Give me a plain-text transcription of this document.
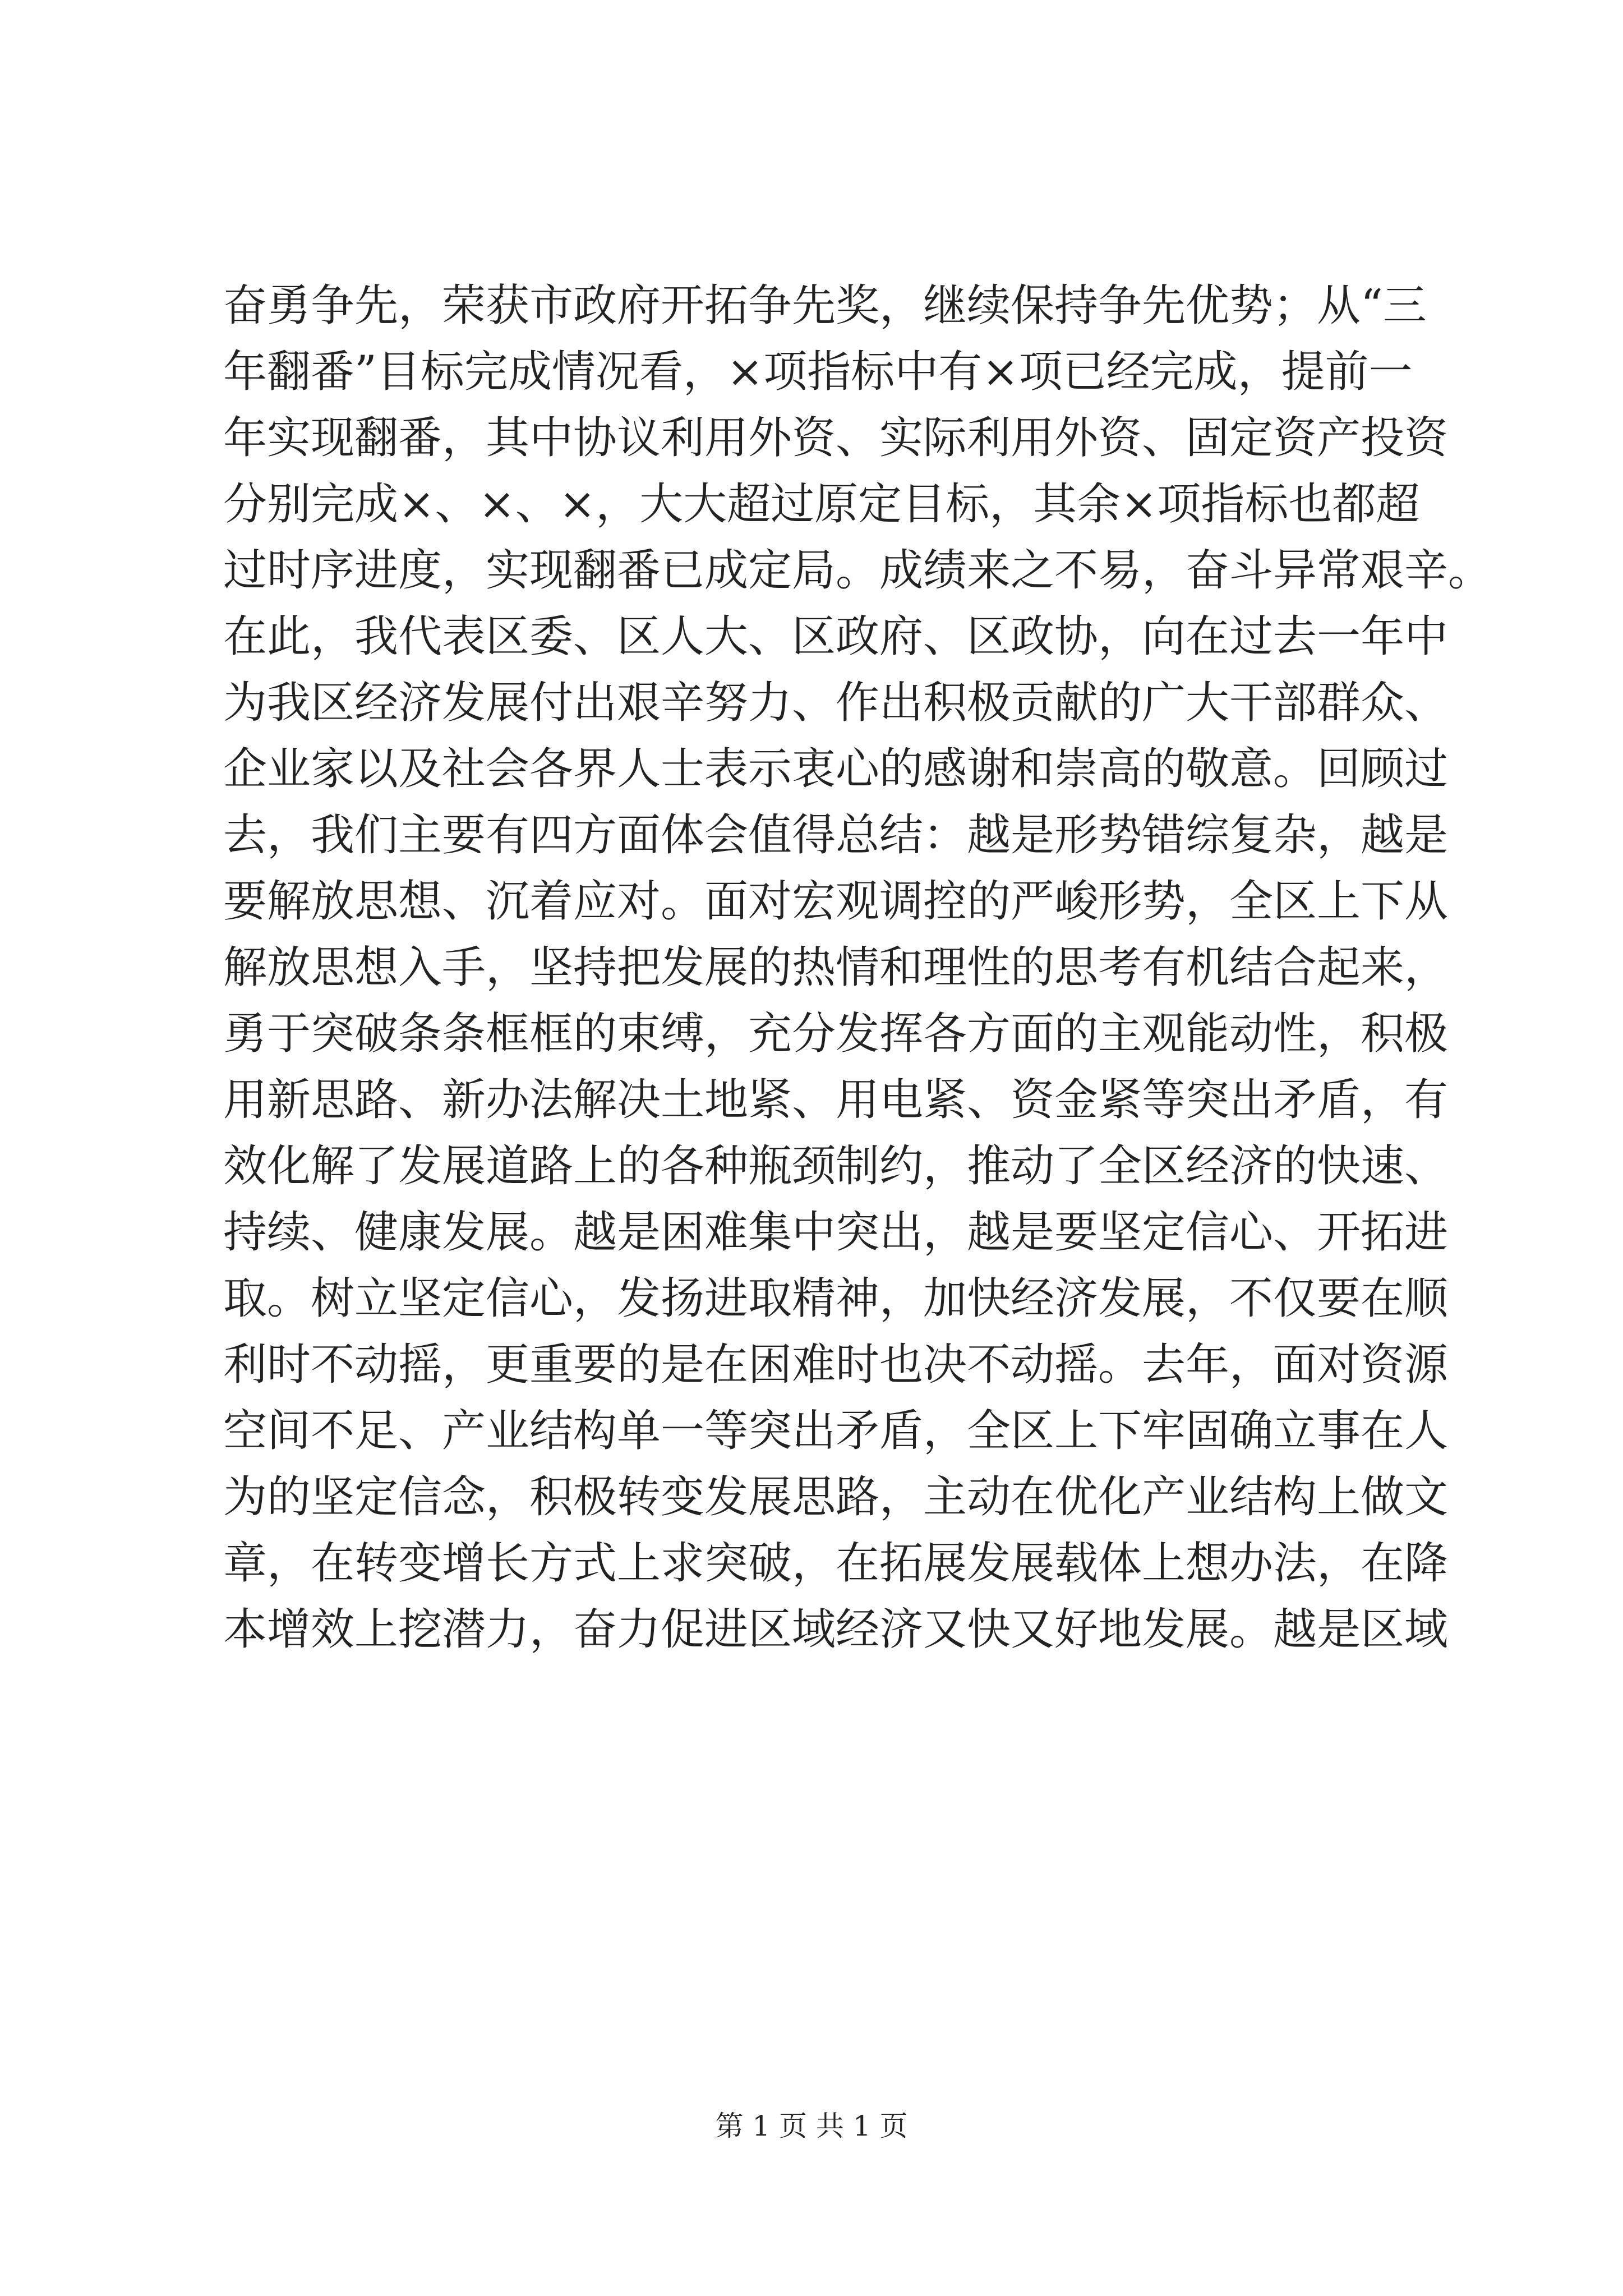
奋勇争先，荣获市政府开拓争先奖，继续保持争先优势；从“三
年翻番”目标完成情况看，×项指标中有×项已经完成，提前一
年实现翻番，其中协议利用外资、实际利用外资、固定资产投资
分别完成×、×、×，大大超过原定目标，其余×项指标也都超
过时序进度，实现翻番已成定局。成绩来之不易，奋斗异常艰辛。
在此，我代表区委、区人大、区政府、区政协，向在过去一年中
为我区经济发展付出艰辛努力、作出积极贡献的广大干部群众、
企业家以及社会各界人士表示衷心的感谢和崇高的敬意。回顾过
去，我们主要有四方面体会值得总结：越是形势错综复杂，越是
要解放思想、沉着应对。面对宏观调控的严峻形势，全区上下从
解放思想入手，坚持把发展的热情和理性的思考有机结合起来，
勇于突破条条框框的束缚，充分发挥各方面的主观能动性，积极
用新思路、新办法解决土地紧、用电紧、资金紧等突出矛盾，有
效化解了发展道路上的各种瓶颈制约，推动了全区经济的快速、
持续、健康发展。越是困难集中突出，越是要坚定信心、开拓进
取。树立坚定信心，发扬进取精神，加快经济发展，不仅要在顺
利时不动摇，更重要的是在困难时也决不动摇。去年，面对资源
空间不足、产业结构单一等突出矛盾，全区上下牢固确立事在人
为的坚定信念，积极转变发展思路，主动在优化产业结构上做文
章，在转变增长方式上求突破，在拓展发展载体上想办法，在降
本增效上挖潜力，奋力促进区域经济又快又好地发展。越是区域
第 1 页 共 1 页
